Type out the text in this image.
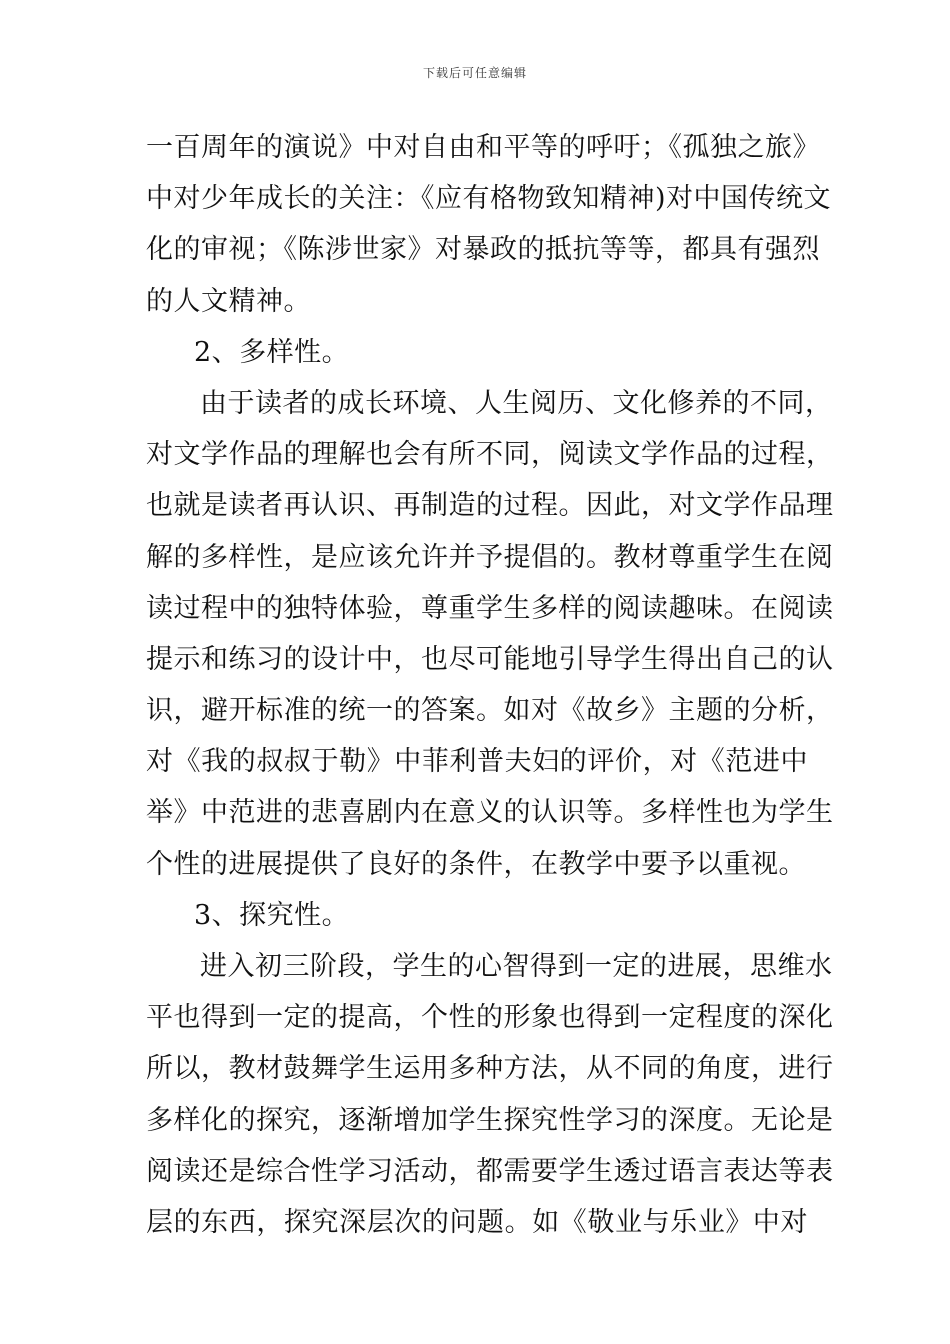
下载后可任意编辑
一百周年的演说》中对自由和平等的呼吁；《孤独之旅》
中对少年成长的关注：《应有格物致知精神)对中国传统文
化的审视；《陈涉世家》对暴政的抵抗等等，都具有强烈
的人文精神。
2、多样性。
由于读者的成长环境、人生阅历、文化修养的不同，
对文学作品的理解也会有所不同，阅读文学作品的过程，
也就是读者再认识、再制造的过程。因此，对文学作品理
解的多样性，是应该允许并予提倡的。教材尊重学生在阅
读过程中的独特体验，尊重学生多样的阅读趣味。在阅读
提示和练习的设计中，也尽可能地引导学生得出自己的认
识，避开标准的统一的答案。如对《故乡》主题的分析，
对《我的叔叔于勒》中菲利普夫妇的评价，对《范进中
举》中范进的悲喜剧内在意义的认识等。多样性也为学生
个性的进展提供了良好的条件，在教学中要予以重视。
3、探究性。
进入初三阶段，学生的心智得到一定的进展，思维水
平也得到一定的提高，个性的形象也得到一定程度的深化
所以，教材鼓舞学生运用多种方法，从不同的角度，进行
多样化的探究，逐渐增加学生探究性学习的深度。无论是
阅读还是综合性学习活动，都需要学生透过语言表达等表
层的东西，探究深层次的问题。如《敬业与乐业》中对
